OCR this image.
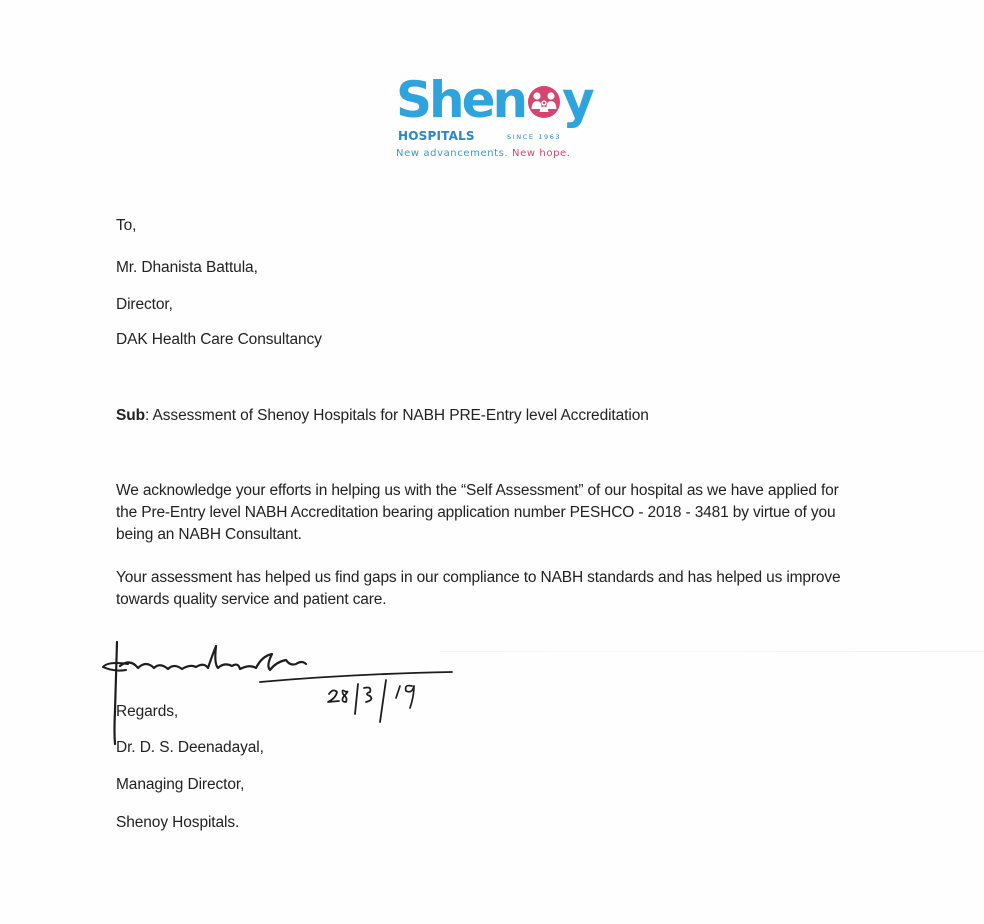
Shen y
HOSPITALS	SINCE 1963
New advancements. New hope.
To,
Mr. Dhanista Battula,
Director,
DAK Health Care Consultancy
Sub: Assessment of Shenoy Hospitals for NABH PRE-Entry level Accreditation
We acknowledge your efforts in helping us with the “Self Assessment” of our hospital as we have applied for the Pre-Entry level NABH Accreditation bearing application number PESHCO - 2018 - 3481 by virtue of you being an NABH Consultant.
Your assessment has helped us find gaps in our compliance to NABH standards and has helped us improve towards quality service and patient care.
Regards,
Dr. D. S. Deenadayal,
Managing Director,
Shenoy Hospitals.
